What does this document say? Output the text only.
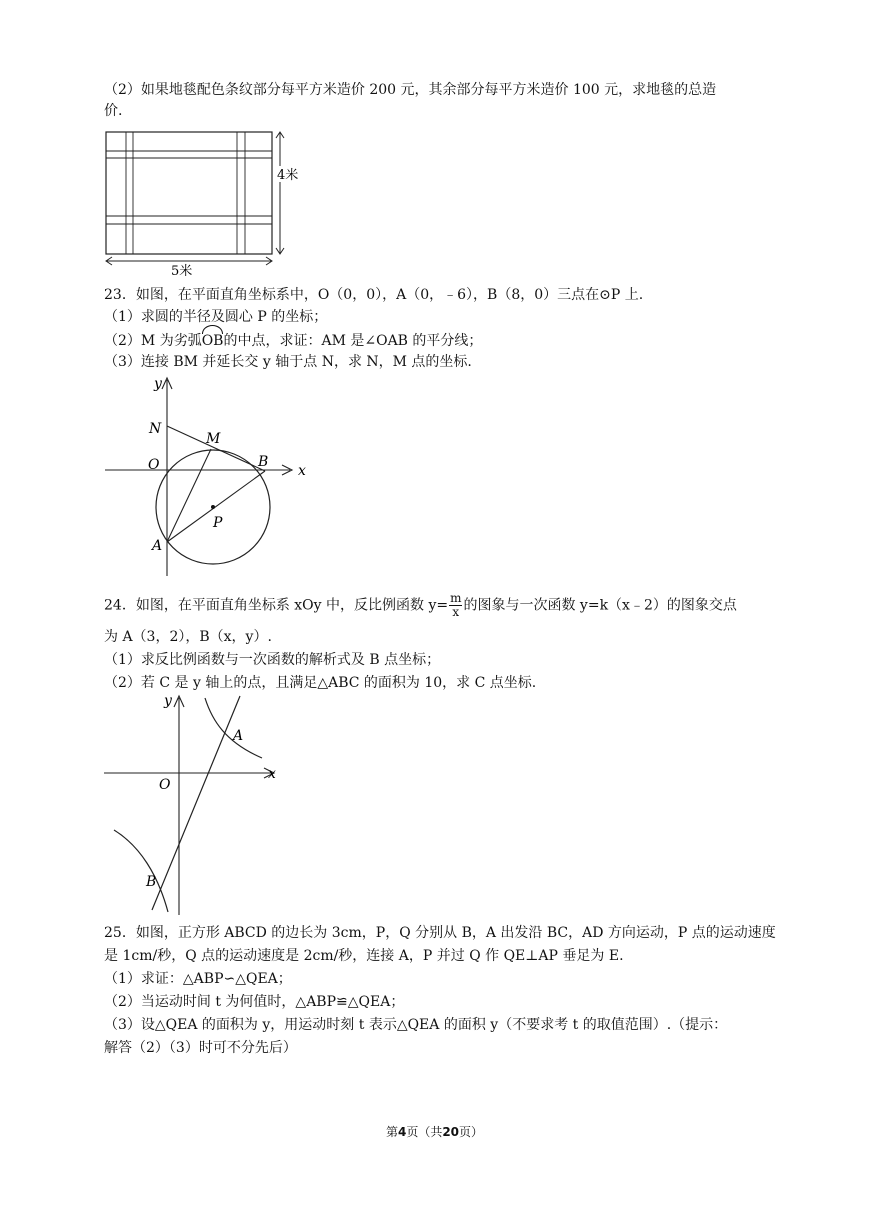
（2）如果地毯配色条纹部分每平方米造价 200 元，其余部分每平方米造价 100 元，求地毯的总造
价.
4米
5米
23．如图，在平面直角坐标系中，O（0，0），A（0，﹣6），B（8，0）三点在⊙P 上.
（1）求圆的半径及圆心 P 的坐标；
（2）M 为劣弧OB的中点，求证：AM 是∠OAB 的平分线；
（3）连接 BM 并延长交 y 轴于点 N，求 N，M 点的坐标.
y
x
N
M
O	B
P
A
24．如图，在平面直角坐标系 xOy 中，反比例函数 $y= \frac{m}{x}$ 的图象与一次函数 y=k（x﹣2）的图象交点
为 A（3，2），B（x，y）.
（1）求反比例函数与一次函数的解析式及 B 点坐标；
（2）若 C 是 y 轴上的点，且满足△ABC 的面积为 10，求 C 点坐标.
y
x
O
A
B
25．如图，正方形 ABCD 的边长为 3cm，P，Q 分别从 B，A 出发沿 BC，AD 方向运动，P 点的运动速度
是 1cm/秒，Q 点的运动速度是 2cm/秒，连接 A，P 并过 Q 作 QE⊥AP 垂足为 E.
（1）求证：△ABP∽△QEA；
（2）当运动时间 t 为何值时，△ABP≌△QEA；
（3）设△QEA 的面积为 y，用运动时刻 t 表示△QEA 的面积 y（不要求考 t 的取值范围）.（提示：
解答（2）（3）时可不分先后）
第4页（共20页）
